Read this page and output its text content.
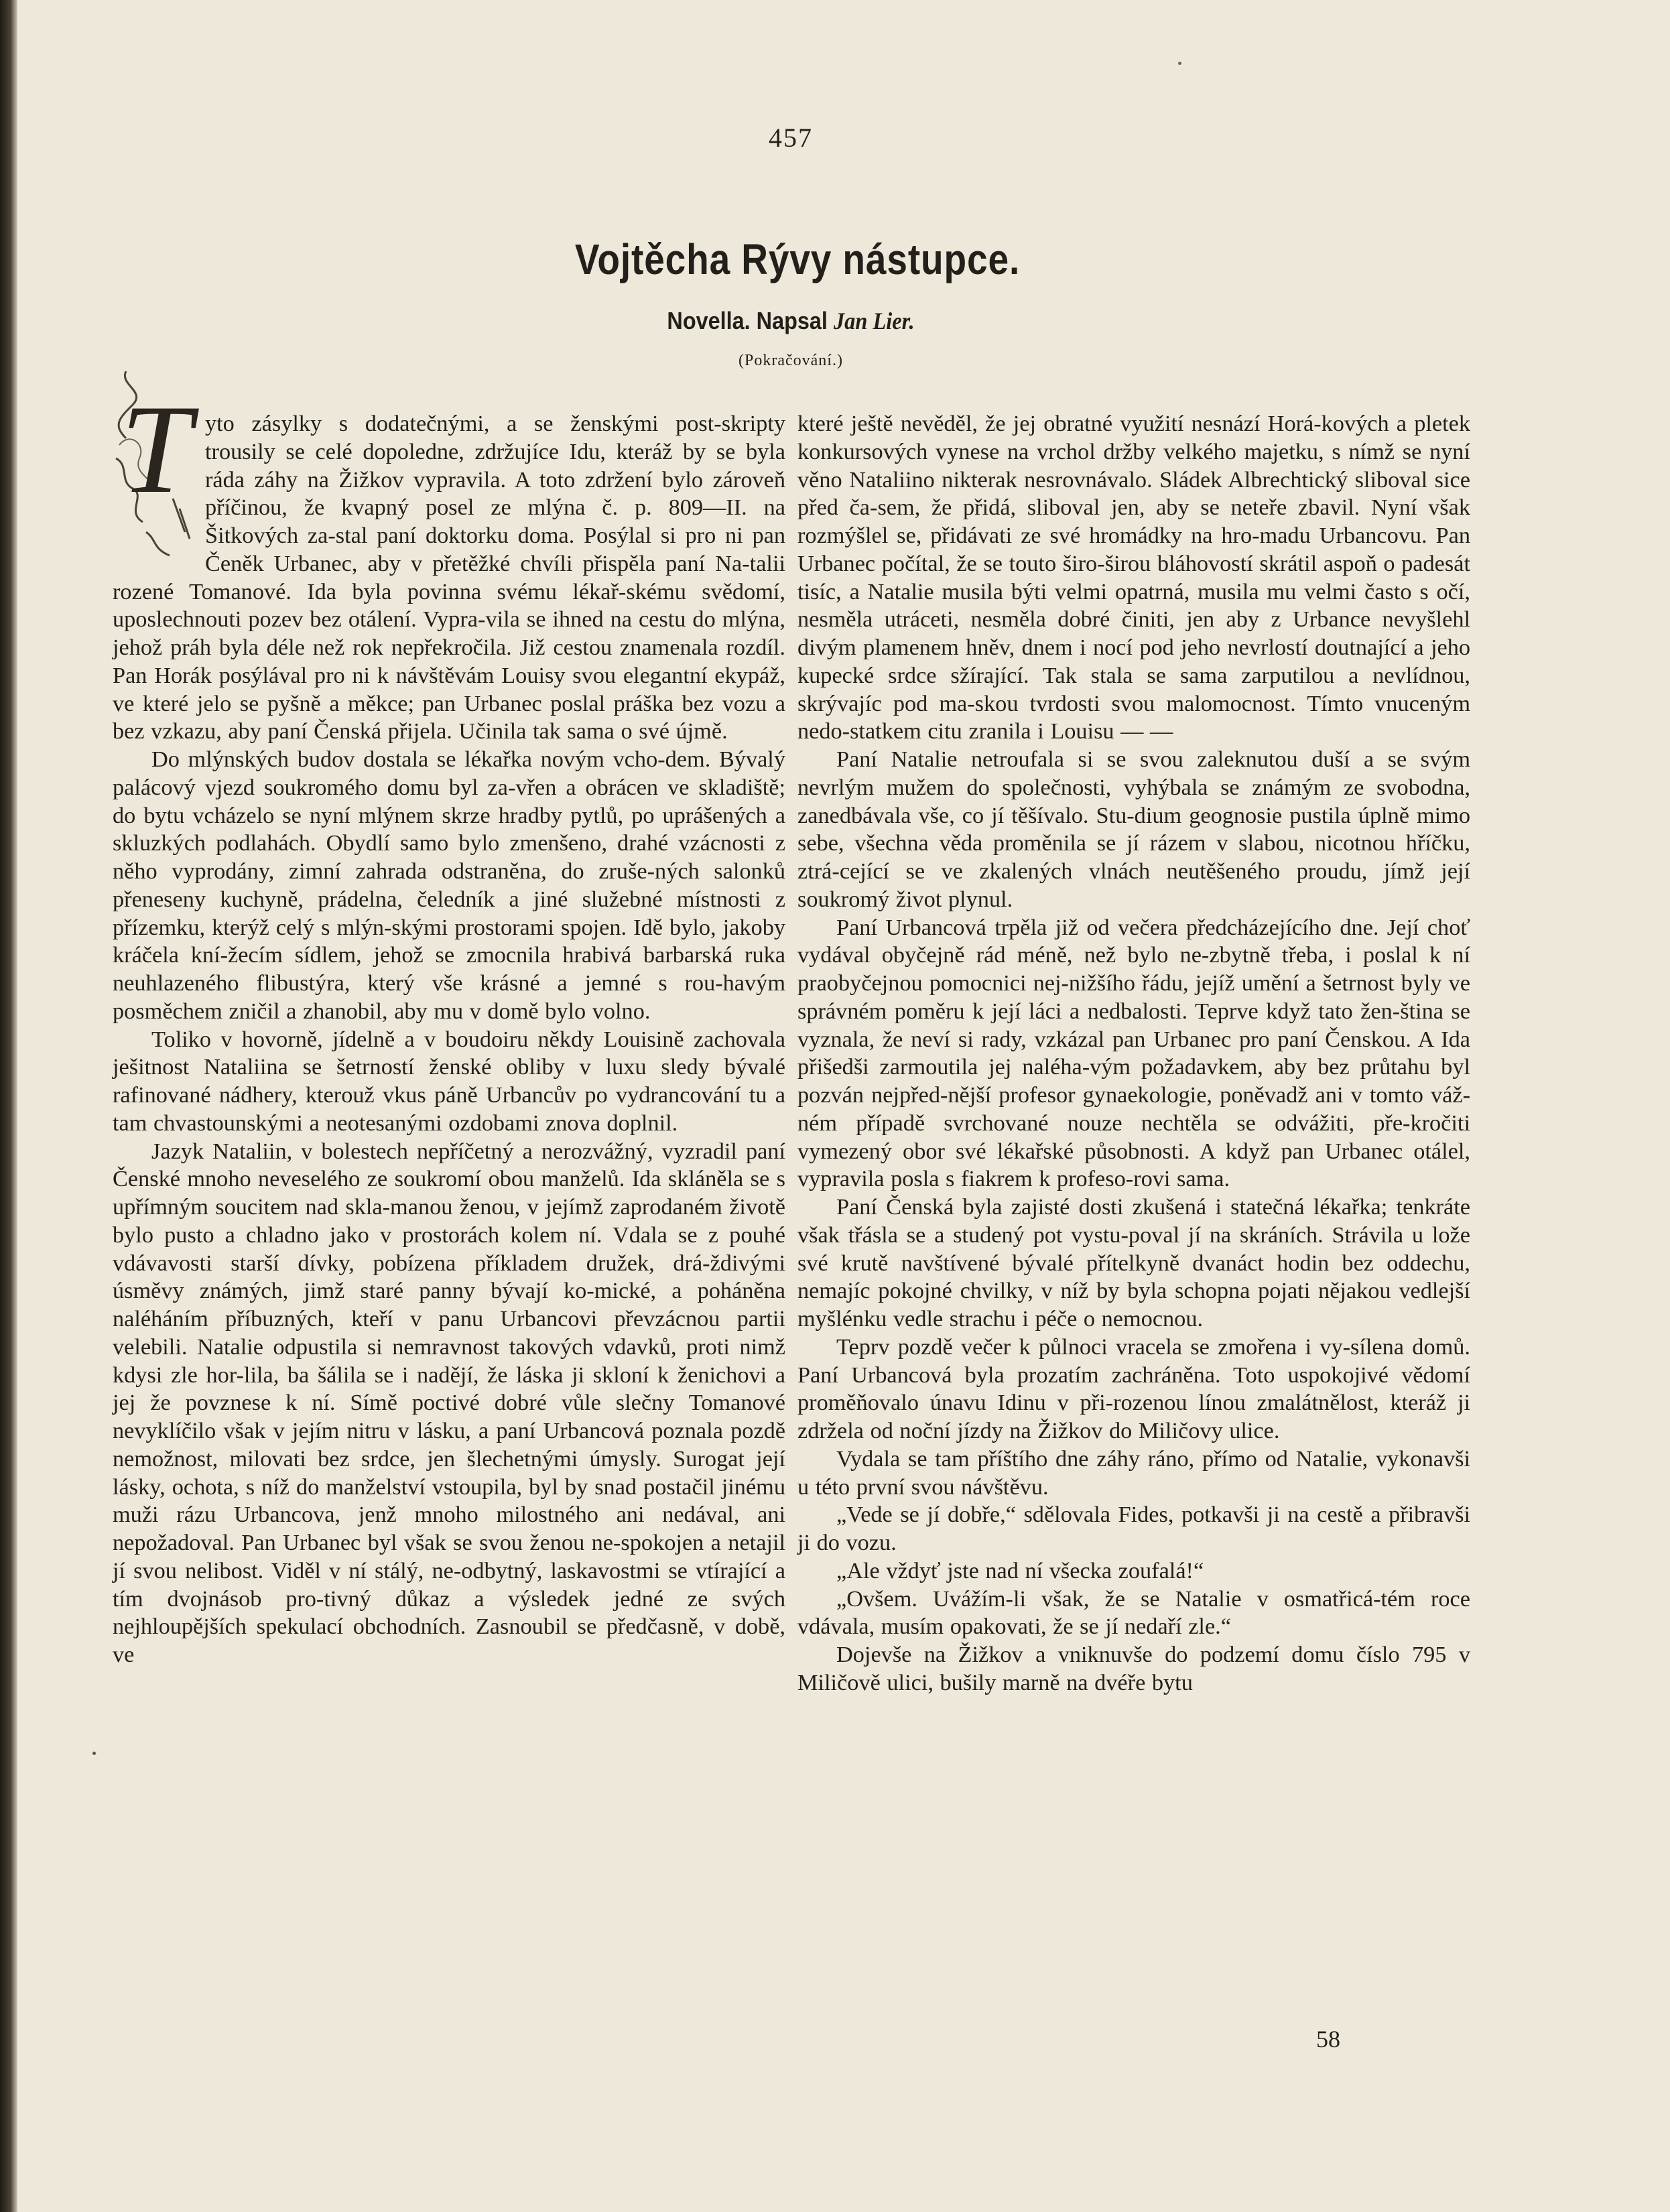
457
Vojtěcha Rývy nástupce.
Novella. Napsal Jan Lier.
(Pokračování.)

T yto zásylky s dodatečnými, a se ženskými post-skripty trousily se celé dopoledne, zdržujíce Idu, kteráž by se byla ráda záhy na Žižkov vypravila. A toto zdržení bylo zároveň příčinou, že kvapný posel ze mlýna č. p. 809—II. na Šitkových za-stal paní doktorku doma. Posýlal si pro ni pan Čeněk Urbanec, aby v přetěžké chvíli přispěla paní Na-talii rozené Tomanové. Ida byla povinna svému lékař-skému svědomí, uposlechnouti pozev bez otálení. Vypra-vila se ihned na cestu do mlýna, jehož práh byla déle než rok nepřekročila. Již cestou znamenala rozdíl. Pan Horák posýlával pro ni k návštěvám Louisy svou elegantní ekypáž, ve které jelo se pyšně a měkce; pan Urbanec poslal práška bez vozu a bez vzkazu, aby paní Čenská přijela. Učinila tak sama o své újmě.

Do mlýnských budov dostala se lékařka novým vcho-dem. Bývalý palácový vjezd soukromého domu byl za-vřen a obrácen ve skladiště; do bytu vcházelo se nyní mlýnem skrze hradby pytlů, po uprášených a skluzkých podlahách. Obydlí samo bylo zmenšeno, drahé vzácnosti z něho vyprodány, zimní zahrada odstraněna, do zruše-ných salonků přeneseny kuchyně, prádelna, čeledník a jiné služebné místnosti z přízemku, kterýž celý s mlýn-skými prostorami spojen. Idě bylo, jakoby kráčela kní-žecím sídlem, jehož se zmocnila hrabivá barbarská ruka neuhlazeného flibustýra, který vše krásné a jemné s rou-havým posměchem zničil a zhanobil, aby mu v domě bylo volno.

Toliko v hovorně, jídelně a v boudoiru někdy Louisině zachovala ješitnost Nataliina se šetrností ženské obliby v luxu sledy bývalé rafinované nádhery, kterouž vkus páně Urbancův po vydrancování tu a tam chvastounskými a neotesanými ozdobami znova doplnil.

Jazyk Nataliin, v bolestech nepříčetný a nerozvážný, vyzradil paní Čenské mnoho neveselého ze soukromí obou manželů. Ida skláněla se s upřímným soucitem nad skla-manou ženou, v jejímž zaprodaném životě bylo pusto a chladno jako v prostorách kolem ní. Vdala se z pouhé vdávavosti starší dívky, pobízena příkladem družek, drá-ždivými úsměvy známých, jimž staré panny bývají ko-mické, a poháněna naléháním příbuzných, kteří v panu Urbancovi převzácnou partii velebili. Natalie odpustila si nemravnost takových vdavků, proti nimž kdysi zle hor-lila, ba šálila se i nadějí, že láska ji skloní k ženichovi a jej že povznese k ní. Símě poctivé dobré vůle slečny Tomanové nevyklíčilo však v jejím nitru v lásku, a paní Urbancová poznala pozdě nemožnost, milovati bez srdce, jen šlechetnými úmysly. Surogat její lásky, ochota, s níž do manželství vstoupila, byl by snad postačil jinému muži rázu Urbancova, jenž mnoho milostného ani nedával, ani nepožadoval. Pan Urbanec byl však se svou ženou ne-spokojen a netajil jí svou nelibost. Viděl v ní stálý, ne-odbytný, laskavostmi se vtírající a tím dvojnásob pro-tivný důkaz a výsledek jedné ze svých nejhloupějších spekulací obchodních. Zasnoubil se předčasně, v době, ve

které ještě nevěděl, že jej obratné využití nesnází Horá-kových a pletek konkursových vynese na vrchol držby velkého majetku, s nímž se nyní věno Nataliino nikterak nesrovnávalo. Sládek Albrechtický sliboval sice před ča-sem, že přidá, sliboval jen, aby se neteře zbavil. Nyní však rozmýšlel se, přidávati ze své hromádky na hro-madu Urbancovu. Pan Urbanec počítal, že se touto širo-širou bláhovostí skrátil aspoň o padesát tisíc, a Natalie musila býti velmi opatrná, musila mu velmi často s očí, nesměla utráceti, nesměla dobré činiti, jen aby z Urbance nevyšlehl divým plamenem hněv, dnem i nocí pod jeho nevrlostí doutnající a jeho kupecké srdce sžírající. Tak stala se sama zarputilou a nevlídnou, skrývajíc pod ma-skou tvrdosti svou malomocnost. Tímto vnuceným nedo-statkem citu zranila i Louisu — —

Paní Natalie netroufala si se svou zaleknutou duší a se svým nevrlým mužem do společnosti, vyhýbala se známým ze svobodna, zanedbávala vše, co jí těšívalo. Stu-dium geognosie pustila úplně mimo sebe, všechna věda proměnila se jí rázem v slabou, nicotnou hříčku, ztrá-cející se ve zkalených vlnách neutěšeného proudu, jímž její soukromý život plynul.

Paní Urbancová trpěla již od večera předcházejícího dne. Její choť vydával obyčejně rád méně, než bylo ne-zbytně třeba, i poslal k ní praobyčejnou pomocnici nej-nižšího řádu, jejíž umění a šetrnost byly ve správném poměru k její láci a nedbalosti. Teprve když tato žen-ština se vyznala, že neví si rady, vzkázal pan Urbanec pro paní Čenskou. A Ida přišedši zarmoutila jej naléha-vým požadavkem, aby bez průtahu byl pozván nejpřed-nější profesor gynaekologie, poněvadž ani v tomto váž-ném případě svrchované nouze nechtěla se odvážiti, pře-kročiti vymezený obor své lékařské působnosti. A když pan Urbanec otálel, vypravila posla s fiakrem k profeso-rovi sama.

Paní Čenská byla zajisté dosti zkušená i statečná lékařka; tenkráte však třásla se a studený pot vystu-poval jí na skráních. Strávila u lože své krutě navštívené bývalé přítelkyně dvanáct hodin bez oddechu, nemajíc pokojné chvilky, v níž by byla schopna pojati nějakou vedlejší myšlénku vedle strachu i péče o nemocnou.

Teprv pozdě večer k půlnoci vracela se zmořena i vy-sílena domů. Paní Urbancová byla prozatím zachráněna. Toto uspokojivé vědomí proměňovalo únavu Idinu v při-rozenou línou zmalátnělost, kteráž ji zdržela od noční jízdy na Žižkov do Miličovy ulice.

Vydala se tam příštího dne záhy ráno, přímo od Natalie, vykonavši u této první svou návštěvu.

„Vede se jí dobře,“ sdělovala Fides, potkavši ji na cestě a přibravši ji do vozu.

„Ale vždyť jste nad ní všecka zoufalá!“

„Ovšem. Uvážím-li však, že se Natalie v osmatřicá-tém roce vdávala, musím opakovati, že se jí nedaří zle.“

Dojevše na Žižkov a vniknuvše do podzemí domu číslo 795 v Miličově ulici, bušily marně na dvéře bytu

58
